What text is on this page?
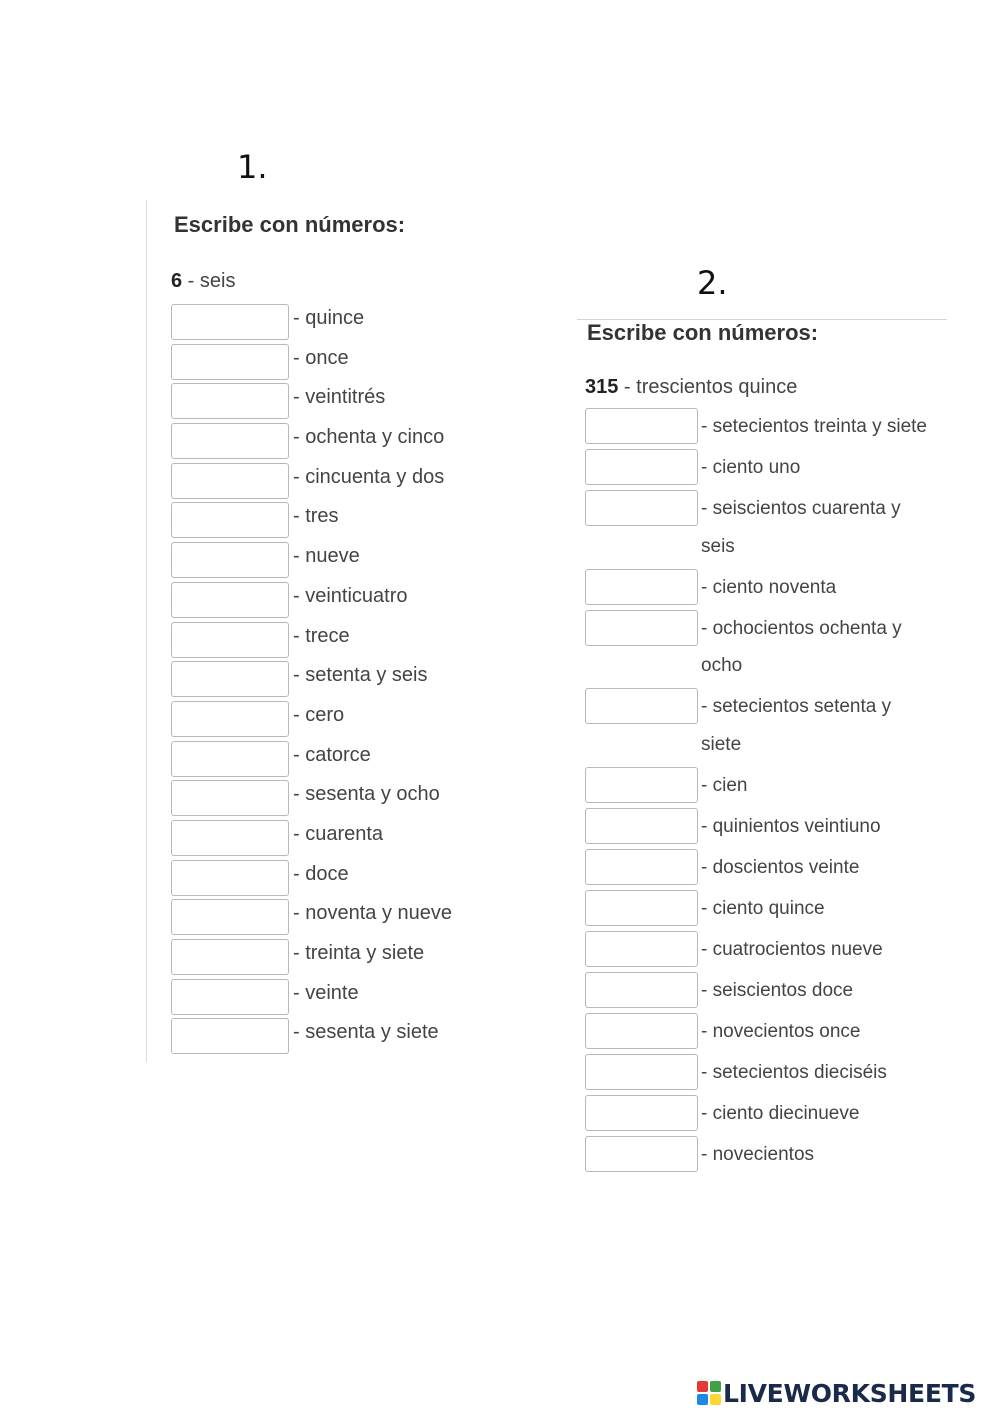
1.
2.
Escribe con números:
6 - seis
- quince
- once
- veintitrés
- ochenta y cinco
- cincuenta y dos
- tres
- nueve
- veinticuatro
- trece
- setenta y seis
- cero
- catorce
- sesenta y ocho
- cuarenta
- doce
- noventa y nueve
- treinta y siete
- veinte
- sesenta y siete
Escribe con números:
315 - trescientos quince
- setecientos treinta y siete
- ciento uno
- seiscientos cuarenta y seis
- ciento noventa
- ochocientos ochenta y ocho
- setecientos setenta y siete
- cien
- quinientos veintiuno
- doscientos veinte
- ciento quince
- cuatrocientos nueve
- seiscientos doce
- novecientos once
- setecientos dieciséis
- ciento diecinueve
- novecientos
LIVEWORKSHEETS
